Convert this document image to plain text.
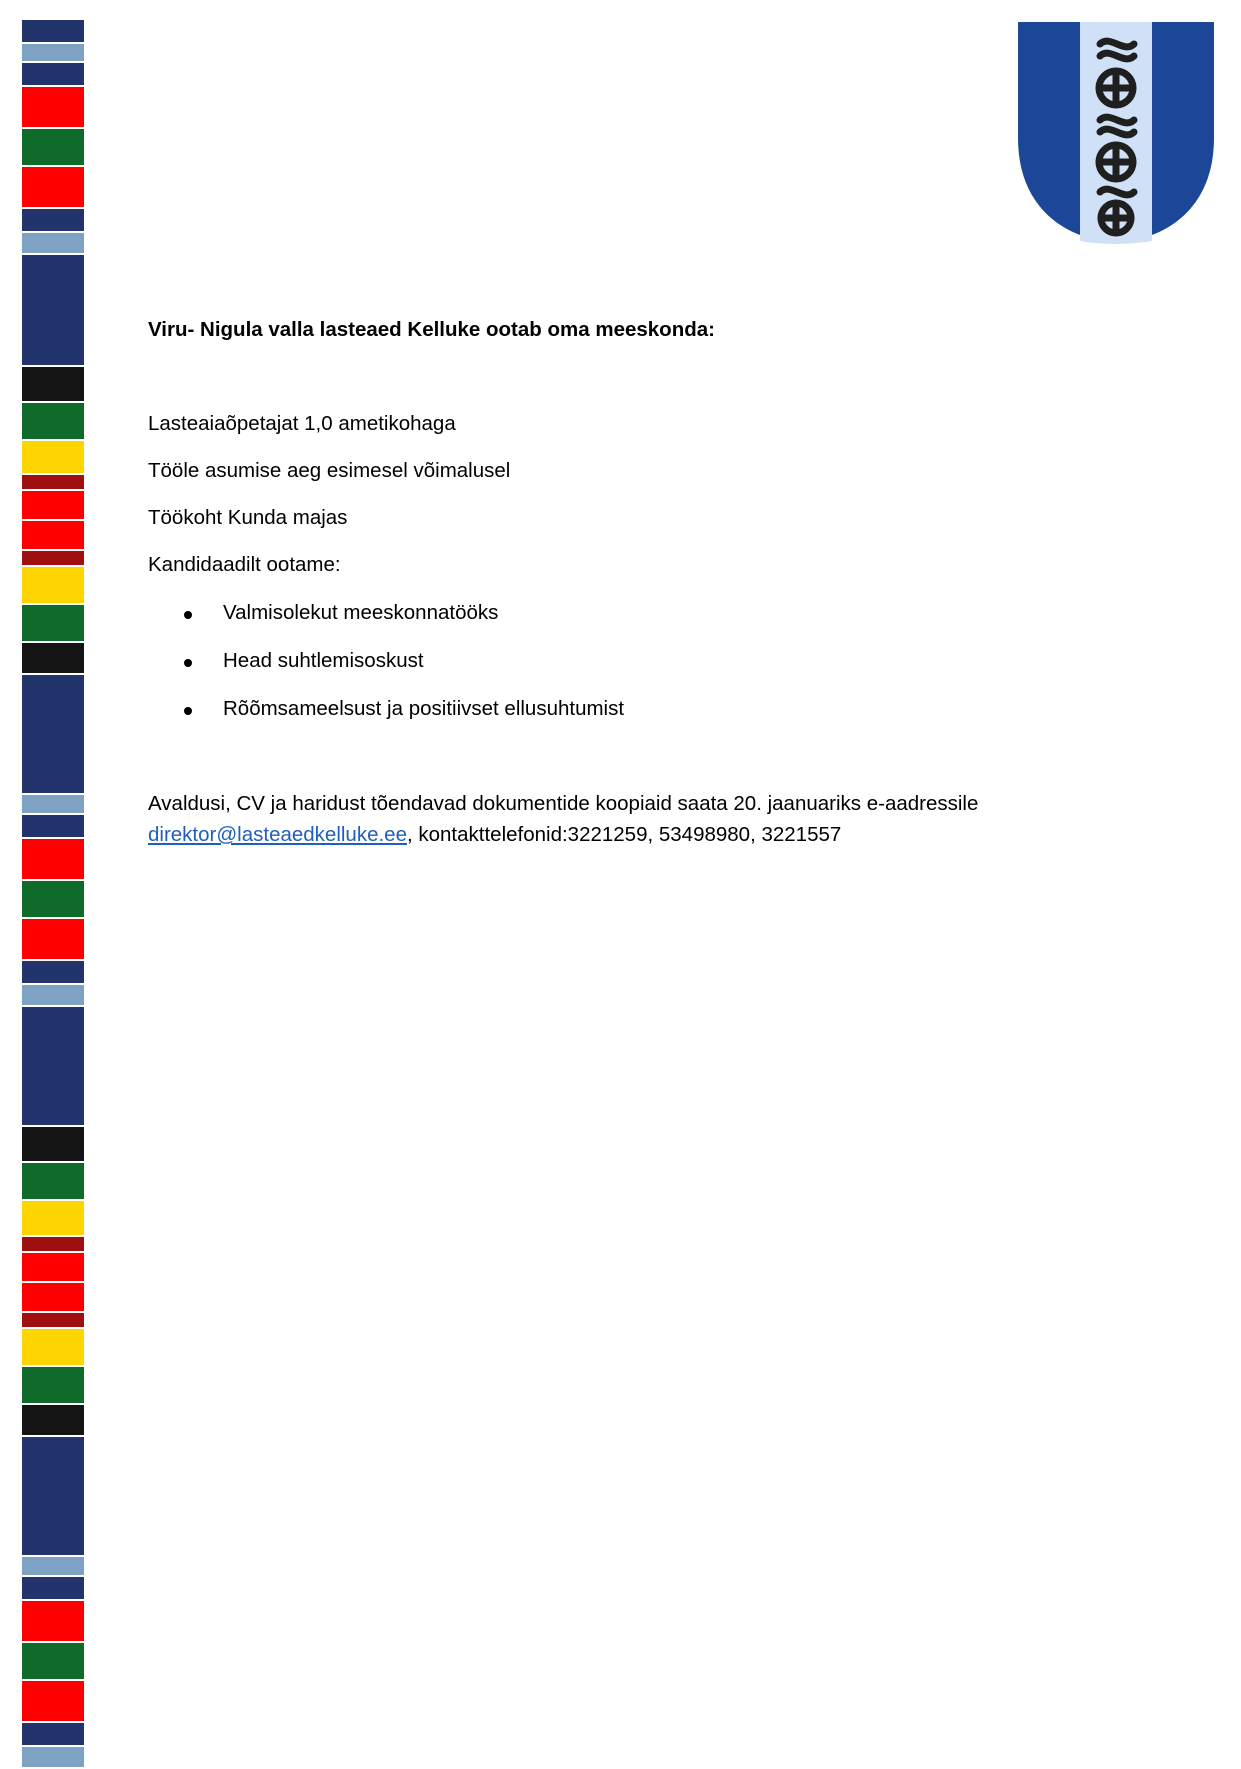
Viru- Nigula valla lasteaed Kelluke ootab oma meeskonda:
Lasteaiaõpetajat 1,0 ametikohaga
Tööle asumise aeg esimesel võimalusel
Töökoht Kunda majas
Kandidaadilt ootame:
Valmisolekut meeskonnatööks
Head suhtlemisoskust
Rõõmsameelsust ja positiivset ellusuhtumist
Avaldusi, CV ja haridust tõendavad dokumentide koopiaid saata 20. jaanuariks e-aadressile
direktor@lasteaedkelluke.ee, kontakttelefonid:3221259, 53498980, 3221557
